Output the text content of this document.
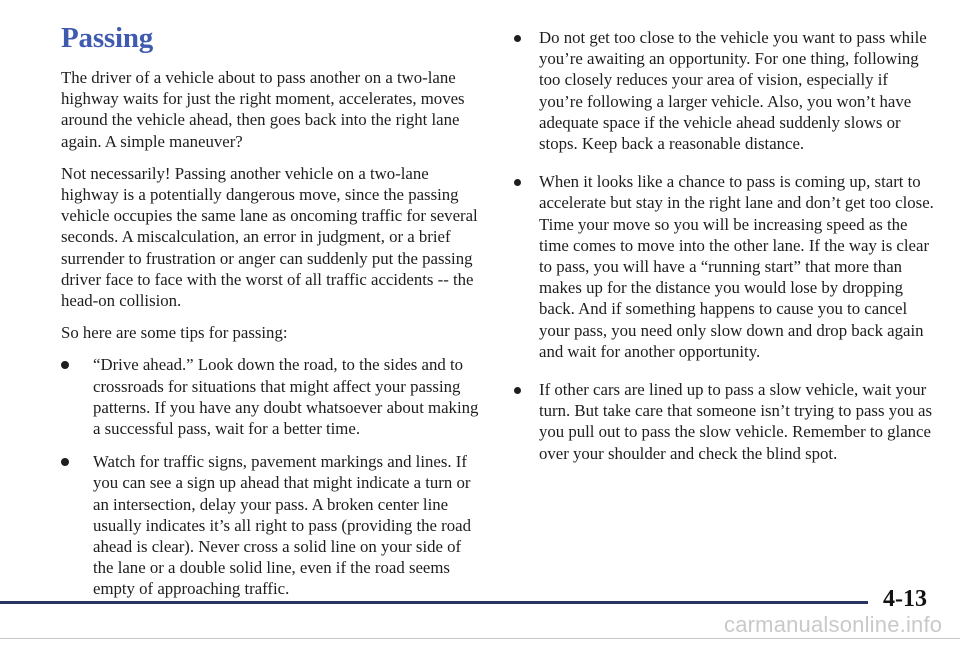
Passing

The driver of a vehicle about to pass another on a two-lane highway waits for just the right moment, accelerates, moves around the vehicle ahead, then goes back into the right lane again. A simple maneuver?

Not necessarily! Passing another vehicle on a two-lane highway is a potentially dangerous move, since the passing vehicle occupies the same lane as oncoming traffic for several seconds. A miscalculation, an error in judgment, or a brief surrender to frustration or anger can suddenly put the passing driver face to face with the worst of all traffic accidents -- the head-on collision.

So here are some tips for passing:

“Drive ahead.” Look down the road, to the sides and to crossroads for situations that might affect your passing patterns. If you have any doubt whatsoever about making a successful pass, wait for a better time.
Watch for traffic signs, pavement markings and lines. If you can see a sign up ahead that might indicate a turn or an intersection, delay your pass. A broken center line usually indicates it’s all right to pass (providing the road ahead is clear). Never cross a solid line on your side of the lane or a double solid line, even if the road seems empty of approaching traffic.
Do not get too close to the vehicle you want to pass while you’re awaiting an opportunity. For one thing, following too closely reduces your area of vision, especially if you’re following a larger vehicle. Also, you won’t have adequate space if the vehicle ahead suddenly slows or stops. Keep back a reasonable distance.
When it looks like a chance to pass is coming up, start to accelerate but stay in the right lane and don’t get too close. Time your move so you will be increasing speed as the time comes to move into the other lane. If the way is clear to pass, you will have a “running start” that more than makes up for the distance you would lose by dropping back. And if something happens to cause you to cancel your pass, you need only slow down and drop back again and wait for another opportunity.
If other cars are lined up to pass a slow vehicle, wait your turn. But take care that someone isn’t trying to pass you as you pull out to pass the slow vehicle. Remember to glance over your shoulder and check the blind spot.
4-13
carmanualsonline.info
